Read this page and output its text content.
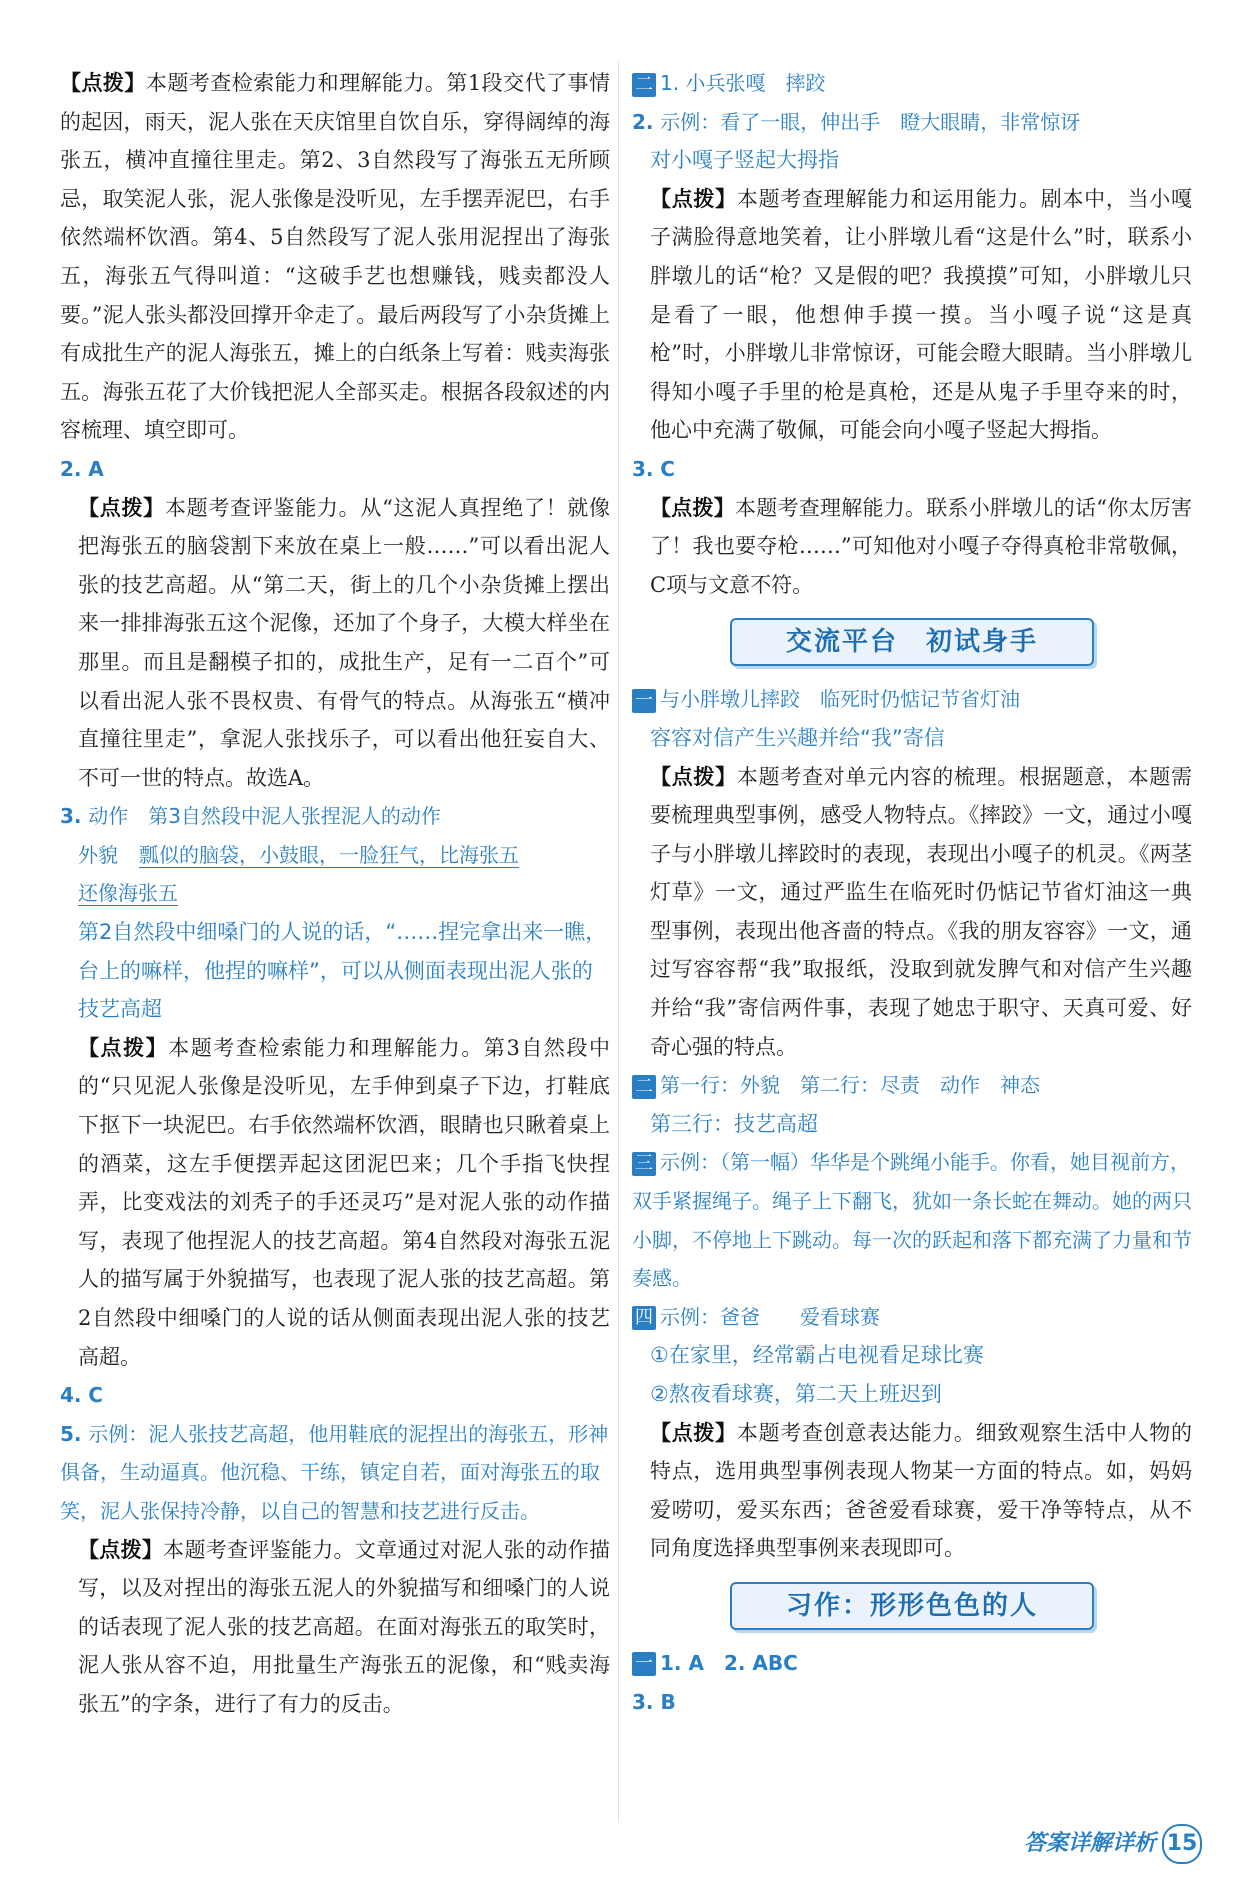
【点拨】本题考查检索能力和理解能力。第1段交代了事情的起因，雨天，泥人张在天庆馆里自饮自乐，穿得阔绰的海张五，横冲直撞往里走。第2、3自然段写了海张五无所顾忌，取笑泥人张，泥人张像是没听见，左手摆弄泥巴，右手依然端杯饮酒。第4、5自然段写了泥人张用泥捏出了海张五，海张五气得叫道：“这破手艺也想赚钱，贱卖都没人要。”泥人张头都没回撑开伞走了。最后两段写了小杂货摊上有成批生产的泥人海张五，摊上的白纸条上写着：贱卖海张五。海张五花了大价钱把泥人全部买走。根据各段叙述的内容梳理、填空即可。

2. A

【点拨】本题考查评鉴能力。从“这泥人真捏绝了！就像把海张五的脑袋割下来放在桌上一般……”可以看出泥人张的技艺高超。从“第二天，街上的几个小杂货摊上摆出来一排排海张五这个泥像，还加了个身子，大模大样坐在那里。而且是翻模子扣的，成批生产，足有一二百个”可以看出泥人张不畏权贵、有骨气的特点。从海张五“横冲直撞往里走”，拿泥人张找乐子，可以看出他狂妄自大、不可一世的特点。故选A。

3. 动作　第3自然段中泥人张捏泥人的动作

外貌　 瓢似的脑袋，小鼓眼，一脸狂气，比海张五

还像海张五

第2自然段中细嗓门的人说的话，“……捏完拿出来一瞧，台上的嘛样，他捏的嘛样”，可以从侧面表现出泥人张的技艺高超

【点拨】本题考查检索能力和理解能力。第3自然段中的“只见泥人张像是没听见，左手伸到桌子下边，打鞋底下抠下一块泥巴。右手依然端杯饮酒，眼睛也只瞅着桌上的酒菜，这左手便摆弄起这团泥巴来；几个手指飞快捏弄，比变戏法的刘秃子的手还灵巧”是对泥人张的动作描写，表现了他捏泥人的技艺高超。第4自然段对海张五泥人的描写属于外貌描写，也表现了泥人张的技艺高超。第2自然段中细嗓门的人说的话从侧面表现出泥人张的技艺高超。

4. C

5. 示例：泥人张技艺高超，他用鞋底的泥捏出的海张五，形神俱备，生动逼真。他沉稳、干练，镇定自若，面对海张五的取笑，泥人张保持冷静，以自己的智慧和技艺进行反击。

【点拨】本题考查评鉴能力。文章通过对泥人张的动作描写，以及对捏出的海张五泥人的外貌描写和细嗓门的人说的话表现了泥人张的技艺高超。在面对海张五的取笑时，泥人张从容不迫，用批量生产海张五的泥像，和“贱卖海张五”的字条，进行了有力的反击。

二 1. 小兵张嘎　摔跤

2. 示例：看了一眼，伸出手　瞪大眼睛，非常惊讶

对小嘎子竖起大拇指

【点拨】本题考查理解能力和运用能力。剧本中，当小嘎子满脸得意地笑着，让小胖墩儿看“这是什么”时，联系小胖墩儿的话“枪？又是假的吧？我摸摸”可知，小胖墩儿只是看了一眼，他想伸手摸一摸。当小嘎子说“这是真枪”时，小胖墩儿非常惊讶，可能会瞪大眼睛。当小胖墩儿得知小嘎子手里的枪是真枪，还是从鬼子手里夺来的时，他心中充满了敬佩，可能会向小嘎子竖起大拇指。

3. C

【点拨】本题考查理解能力。联系小胖墩儿的话“你太厉害了！我也要夺枪……”可知他对小嘎子夺得真枪非常敬佩，C项与文意不符。

交流平台　初试身手

一 与小胖墩儿摔跤　临死时仍惦记节省灯油

容容对信产生兴趣并给“我”寄信

【点拨】本题考查对单元内容的梳理。根据题意，本题需要梳理典型事例，感受人物特点。《摔跤》一文，通过小嘎子与小胖墩儿摔跤时的表现，表现出小嘎子的机灵。《两茎灯草》一文，通过严监生在临死时仍惦记节省灯油这一典型事例，表现出他吝啬的特点。《我的朋友容容》一文，通过写容容帮“我”取报纸，没取到就发脾气和对信产生兴趣并给“我”寄信两件事，表现了她忠于职守、天真可爱、好奇心强的特点。

二 第一行：外貌　第二行：尽责　动作　神态

第三行：技艺高超

三 示例：（第一幅）华华是个跳绳小能手。你看，她目视前方，双手紧握绳子。绳子上下翻飞，犹如一条长蛇在舞动。她的两只小脚，不停地上下跳动。每一次的跃起和落下都充满了力量和节奏感。

四 示例：爸爸　　爱看球赛

①在家里，经常霸占电视看足球比赛

②熬夜看球赛，第二天上班迟到

【点拨】本题考查创意表达能力。细致观察生活中人物的特点，选用典型事例表现人物某一方面的特点。如，妈妈爱唠叨，爱买东西；爸爸爱看球赛，爱干净等特点，从不同角度选择典型事例来表现即可。

习作：形形色色的人

一 1. A　2. ABC

3. B

答案详解详析 15
